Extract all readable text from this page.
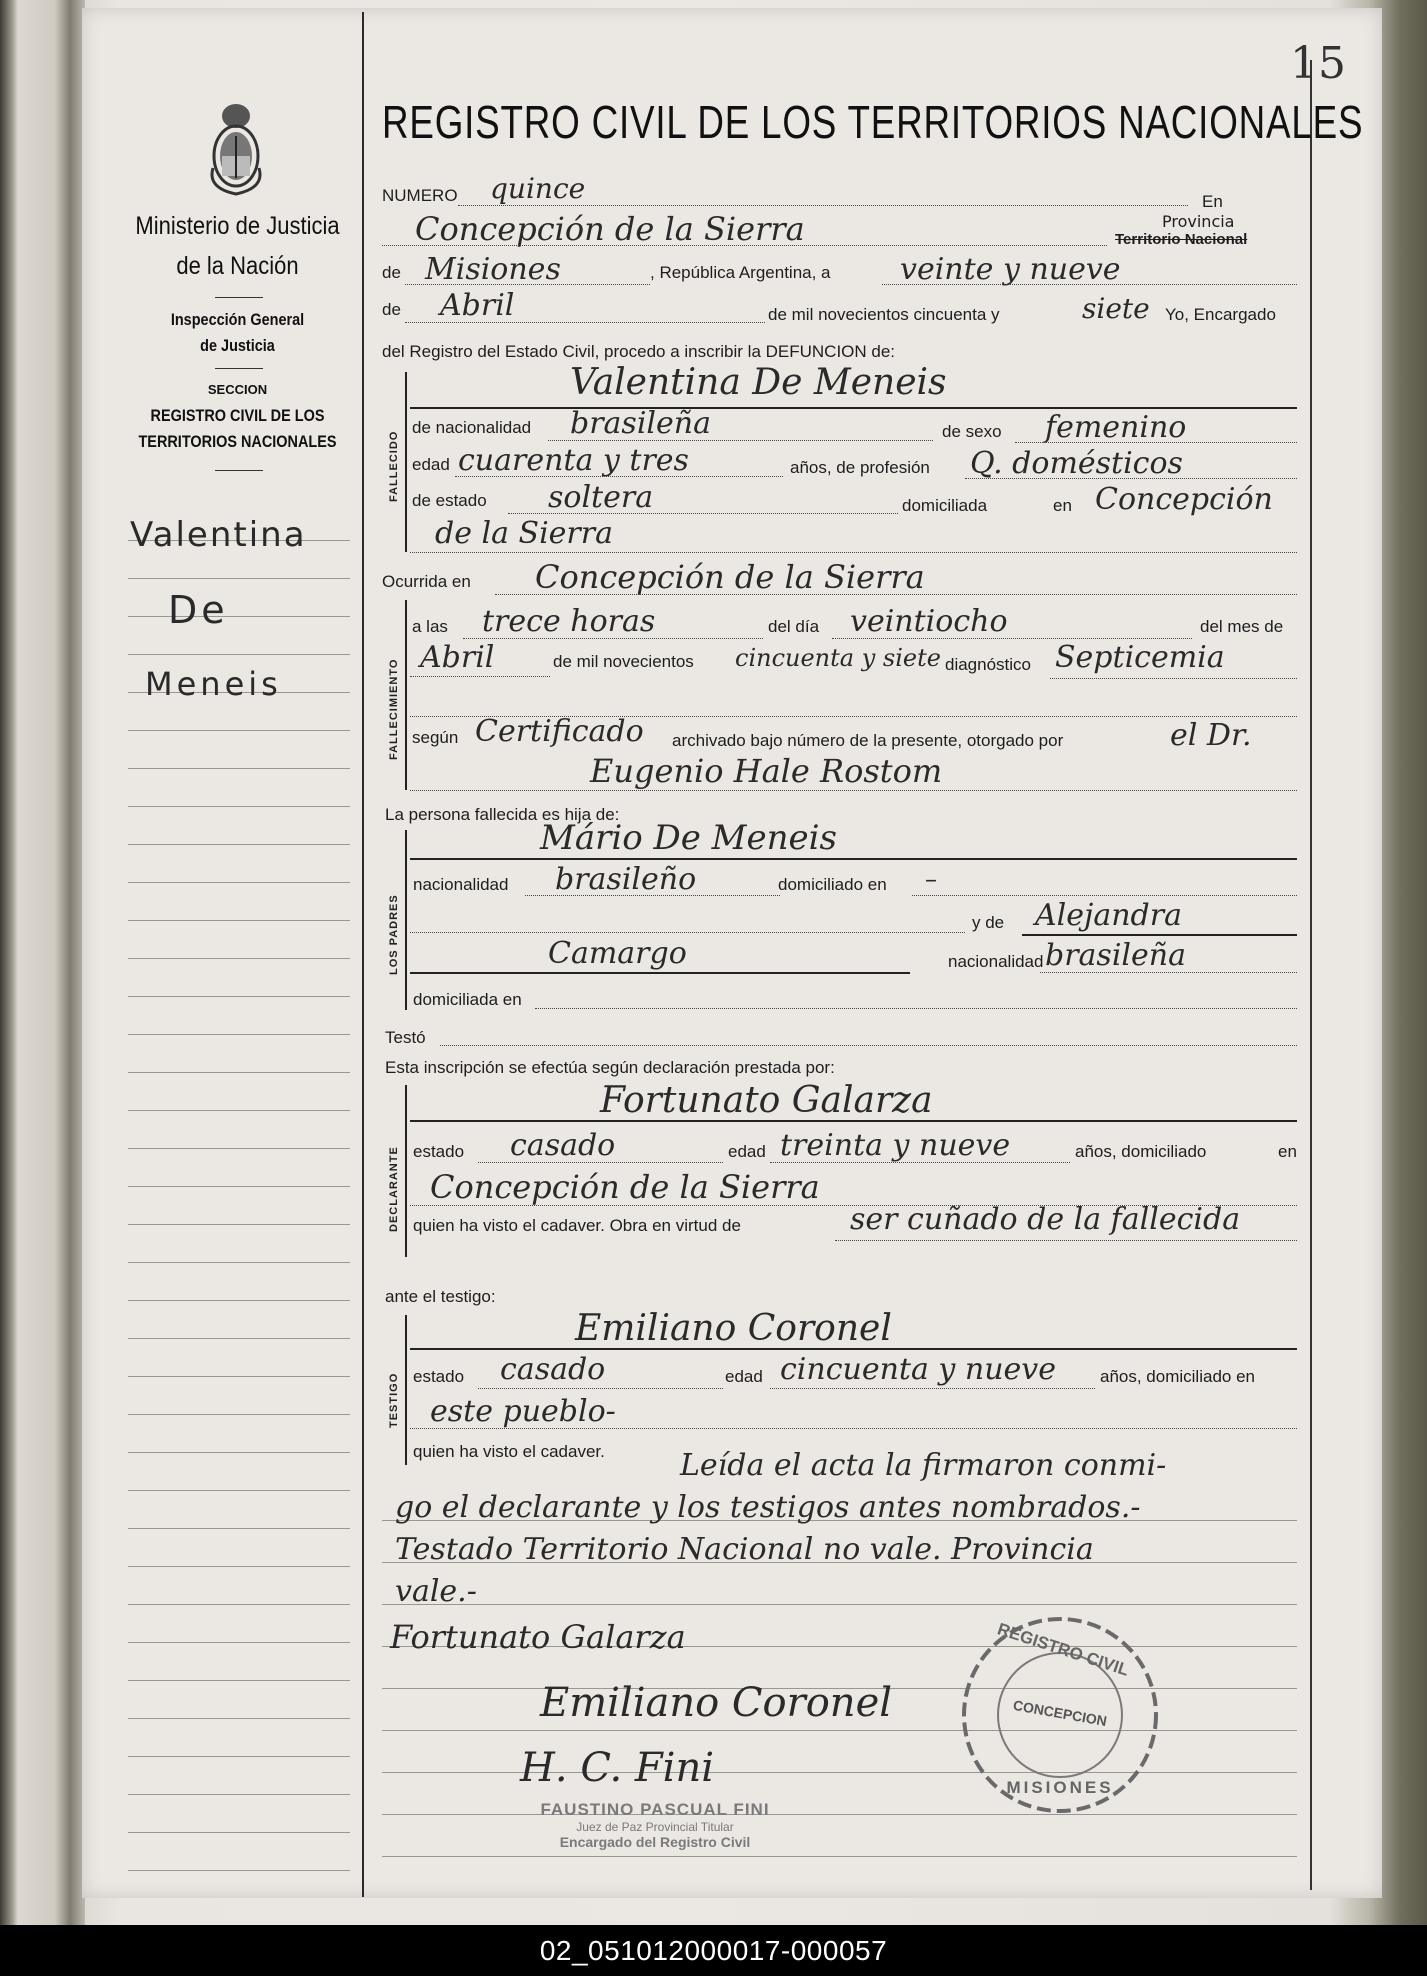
15
Ministerio de Justicia
de la Nación
Inspección General
de Justicia
SECCION
REGISTRO CIVIL DE LOS
TERRITORIOS NACIONALES
Valentina
De
Meneis
REGISTRO CIVIL DE LOS TERRITORIOS NACIONALES
NUMERO quince	En
Concepción de la Sierra	Provincia
Territorio Nacional
de Misiones	, República Argentina, a veinte y nueve
de Abril	de mil novecientos cincuenta y	siete Yo, Encargado
del Registro del Estado Civil, procedo a inscribir la DEFUNCION de:
FALLECIDO
Valentina De Meneis
de nacionalidad brasileña	de sexo femenino
edad cuarenta y tres	años, de profesión Q. domésticos
de estado soltera	domiciliada	en Concepción
de la Sierra
Ocurrida en Concepción de la Sierra
FALLECIMIENTO
a las trece horas	del día veintiocho	del mes de
Abril	de mil novecientos cincuenta y siete diagnóstico Septicemia
según Certificado archivado bajo número de la presente, otorgado por	el Dr.
Eugenio Hale Rostom
La persona fallecida es hija de:
LOS PADRES
Mário De Meneis
nacionalidad brasileño	domiciliado en –
y de Alejandra
Camargo	nacionalidad brasileña
domiciliada en
Testó
Esta inscripción se efectúa según declaración prestada por:
DECLARANTE
Fortunato Galarza
estado casado	edad treinta y nueve	años, domiciliado	en
Concepción de la Sierra
quien ha visto el cadaver. Obra en virtud de	ser cuñado de la fallecida
ante el testigo:
TESTIGO
Emiliano Coronel
estado casado	edad cincuenta y nueve	años, domiciliado en
este pueblo-
quien ha visto el cadaver.	Leída el acta la firmaron conmi-
go el declarante y los testigos antes nombrados.-
Testado Territorio Nacional no vale. Provincia
vale.-
Fortunato Galarza
Emiliano Coronel
H. C. Fini
FAUSTINO PASCUAL FINI
Juez de Paz Provincial Titular
Encargado del Registro Civil
REGISTRO CIVIL
CONCEPCION
MISIONES
02_051012000017-000057
